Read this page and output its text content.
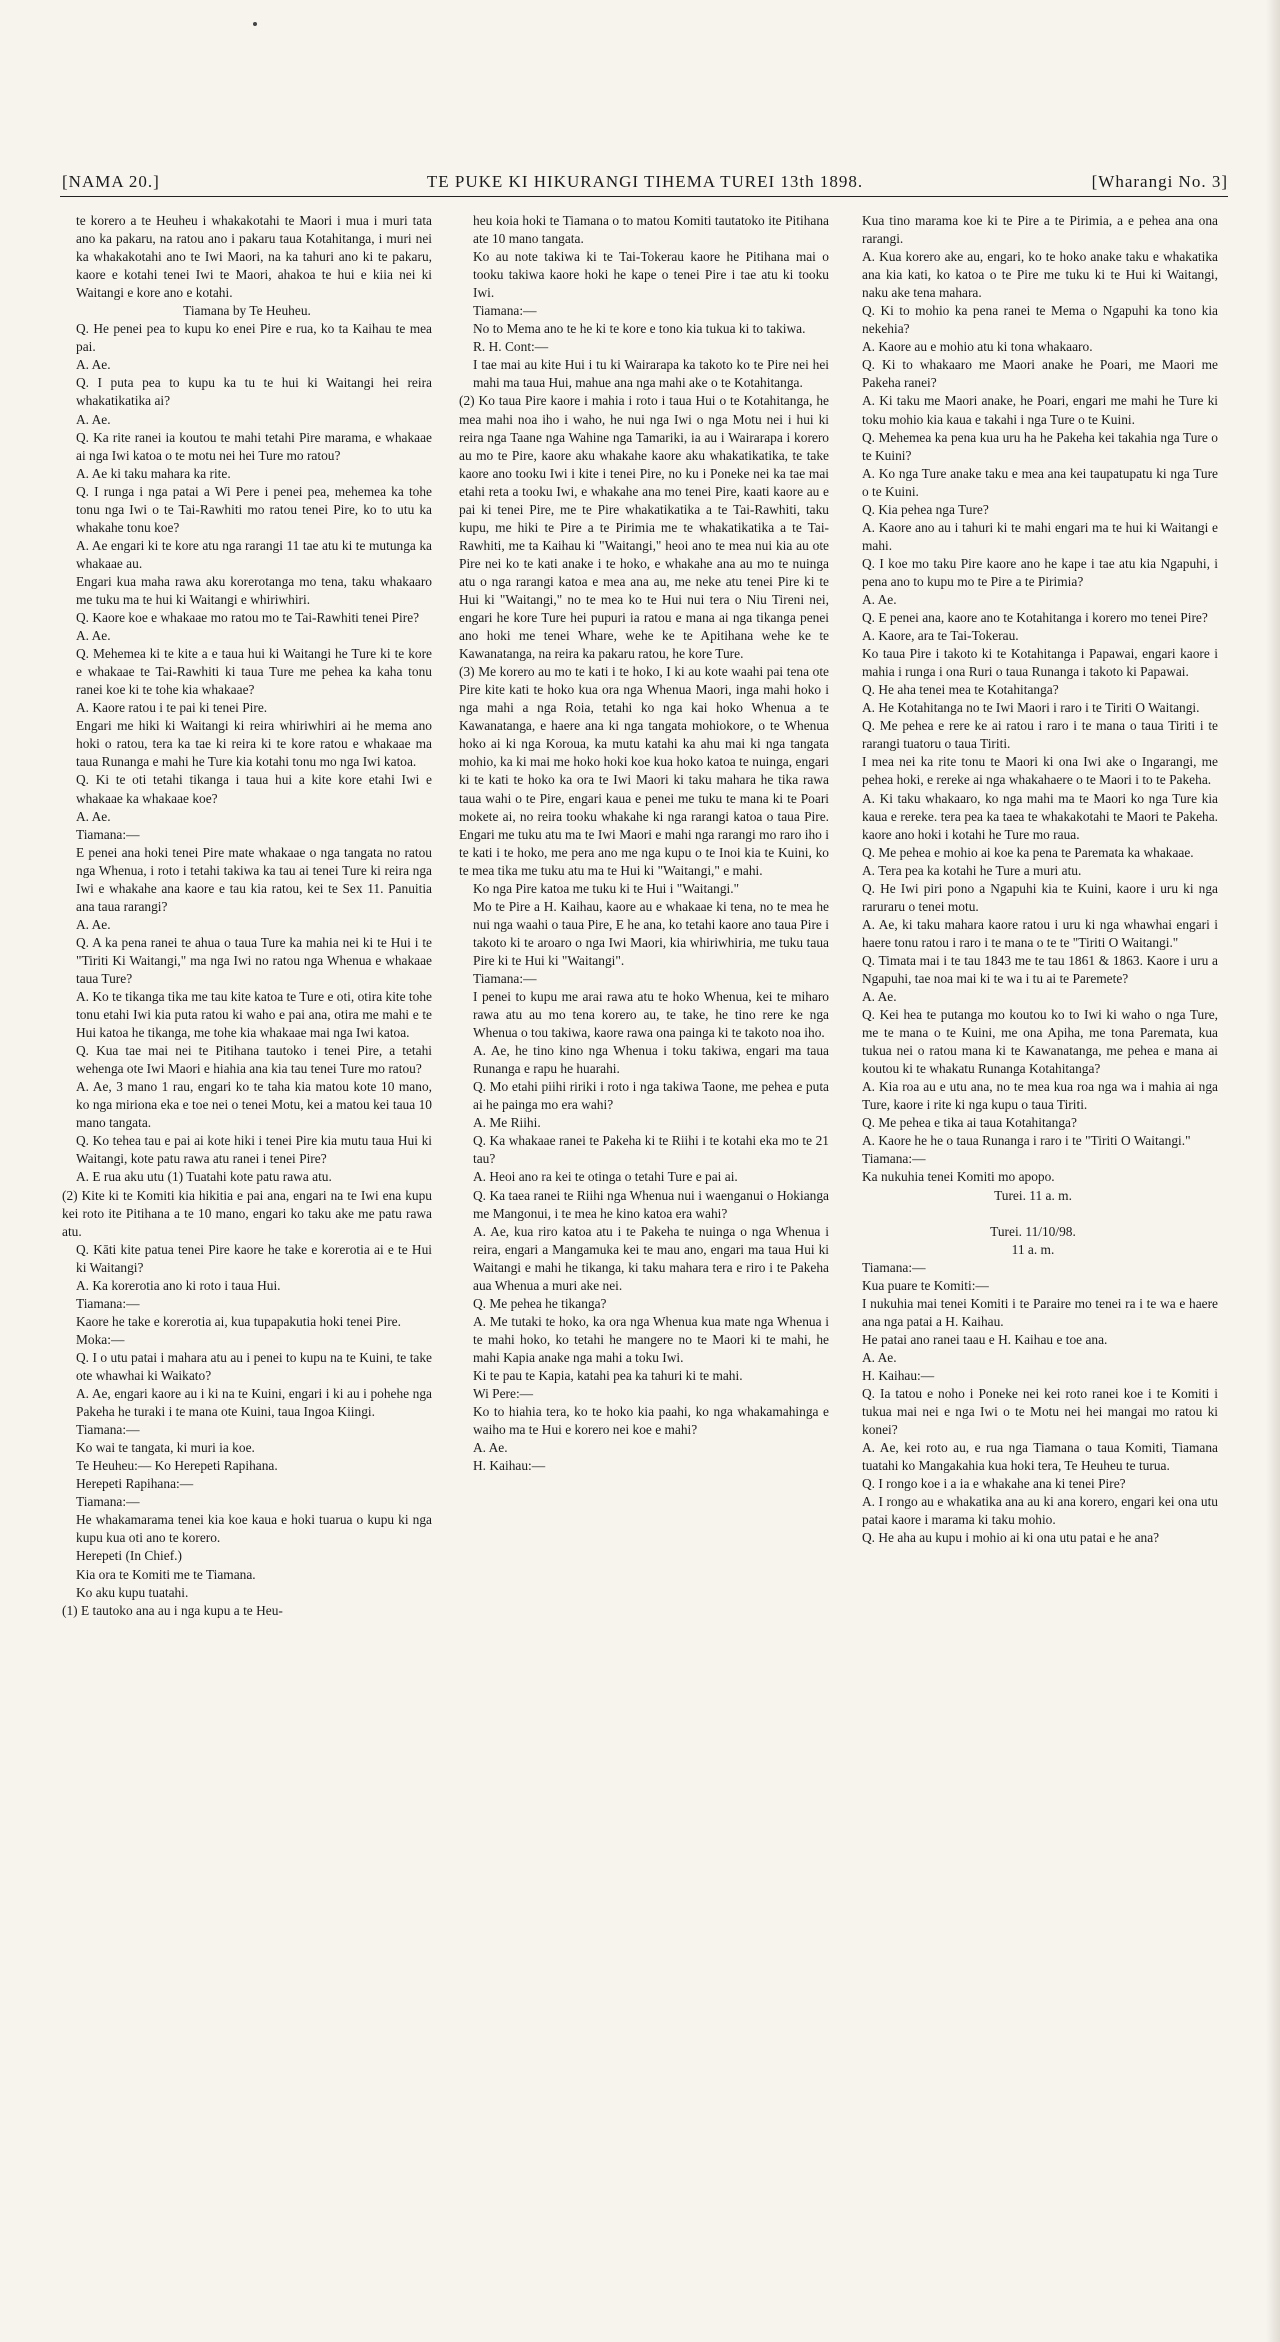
[NAMA 20.]	TE PUKE KI HIKURANGI TIHEMA TUREI 13th 1898.	[Wharangi No. 3]

te korero a te Heuheu i whakakotahi te Maori i mua i muri tata ano ka pakaru, na ratou ano i pakaru taua Kotahitanga, i muri nei ka whakakotahi ano te Iwi Maori, na ka tahuri ano ki te pakaru, kaore e kotahi tenei Iwi te Maori, ahakoa te hui e kiia nei ki Waitangi e kore ano e kotahi.

Tiamana by Te Heuheu.

Q. He penei pea to kupu ko enei Pire e rua, ko ta Kaihau te mea pai.

A. Ae.

Q. I puta pea to kupu ka tu te hui ki Waitangi hei reira whakatikatika ai?

A. Ae.

Q. Ka rite ranei ia koutou te mahi tetahi Pire marama, e whakaae ai nga Iwi katoa o te motu nei hei Ture mo ratou?

A. Ae ki taku mahara ka rite.

Q. I runga i nga patai a Wi Pere i penei pea, mehemea ka tohe tonu nga Iwi o te Tai-Rawhiti mo ratou tenei Pire, ko to utu ka whakahe tonu koe?

A. Ae engari ki te kore atu nga rarangi 11 tae atu ki te mutunga ka whakaae au.

Engari kua maha rawa aku korerotanga mo tena, taku whakaaro me tuku ma te hui ki Waitangi e whiriwhiri.

Q. Kaore koe e whakaae mo ratou mo te Tai-Rawhiti tenei Pire?

A. Ae.

Q. Mehemea ki te kite a e taua hui ki Waitangi he Ture ki te kore e whakaae te Tai-Rawhiti ki taua Ture me pehea ka kaha tonu ranei koe ki te tohe kia whakaae?

A. Kaore ratou i te pai ki tenei Pire.

Engari me hiki ki Waitangi ki reira whiriwhiri ai he mema ano hoki o ratou, tera ka tae ki reira ki te kore ratou e whakaae ma taua Runanga e mahi he Ture kia kotahi tonu mo nga Iwi katoa.

Q. Ki te oti tetahi tikanga i taua hui a kite kore etahi Iwi e whakaae ka whakaae koe?

A. Ae.

Tiamana:—

E penei ana hoki tenei Pire mate whakaae o nga tangata no ratou nga Whenua, i roto i tetahi takiwa ka tau ai tenei Ture ki reira nga Iwi e whakahe ana kaore e tau kia ratou, kei te Sex 11. Panuitia ana taua rarangi?

A. Ae.

Q. A ka pena ranei te ahua o taua Ture ka mahia nei ki te Hui i te "Tiriti Ki Waitangi," ma nga Iwi no ratou nga Whenua e whakaae taua Ture?

A. Ko te tikanga tika me tau kite katoa te Ture e oti, otira kite tohe tonu etahi Iwi kia puta ratou ki waho e pai ana, otira me mahi e te Hui katoa he tikanga, me tohe kia whakaae mai nga Iwi katoa.

Q. Kua tae mai nei te Pitihana tautoko i tenei Pire, a tetahi wehenga ote Iwi Maori e hiahia ana kia tau tenei Ture mo ratou?

A. Ae, 3 mano 1 rau, engari ko te taha kia matou kote 10 mano, ko nga miriona eka e toe nei o tenei Motu, kei a matou kei taua 10 mano tangata.

Q. Ko tehea tau e pai ai kote hiki i tenei Pire kia mutu taua Hui ki Waitangi, kote patu rawa atu ranei i tenei Pire?

A. E rua aku utu (1) Tuatahi kote patu rawa atu.

(2) Kite ki te Komiti kia hikitia e pai ana, engari na te Iwi ena kupu kei roto ite Pitihana a te 10 mano, engari ko taku ake me patu rawa atu.

Q. Kāti kite patua tenei Pire kaore he take e korerotia ai e te Hui ki Waitangi?

A. Ka korerotia ano ki roto i taua Hui.

Tiamana:—

Kaore he take e korerotia ai, kua tupapakutia hoki tenei Pire.

Moka:—

Q. I o utu patai i mahara atu au i penei to kupu na te Kuini, te take ote whawhai ki Waikato?

A. Ae, engari kaore au i ki na te Kuini, engari i ki au i pohehe nga Pakeha he turaki i te mana ote Kuini, taua Ingoa Kiingi.

Tiamana:—

Ko wai te tangata, ki muri ia koe.

Te Heuheu:— Ko Herepeti Rapihana.

Herepeti Rapihana:—

Tiamana:—

He whakamarama tenei kia koe kaua e hoki tuarua o kupu ki nga kupu kua oti ano te korero.

Herepeti (In Chief.)

Kia ora te Komiti me te Tiamana.

Ko aku kupu tuatahi.

(1) E tautoko ana au i nga kupu a te Heu-

heu koia hoki te Tiamana o to matou Komiti tautatoko ite Pitihana ate 10 mano tangata.

Ko au note takiwa ki te Tai-Tokerau kaore he Pitihana mai o tooku takiwa kaore hoki he kape o tenei Pire i tae atu ki tooku Iwi.

Tiamana:—

No to Mema ano te he ki te kore e tono kia tukua ki to takiwa.

R. H. Cont:—

I tae mai au kite Hui i tu ki Wairarapa ka takoto ko te Pire nei hei mahi ma taua Hui, mahue ana nga mahi ake o te Kotahitanga.

(2) Ko taua Pire kaore i mahia i roto i taua Hui o te Kotahitanga, he mea mahi noa iho i waho, he nui nga Iwi o nga Motu nei i hui ki reira nga Taane nga Wahine nga Tamariki, ia au i Wairarapa i korero au mo te Pire, kaore aku whakahe kaore aku whakatikatika, te take kaore ano tooku Iwi i kite i tenei Pire, no ku i Poneke nei ka tae mai etahi reta a tooku Iwi, e whakahe ana mo tenei Pire, kaati kaore au e pai ki tenei Pire, me te Pire whakatikatika a te Tai-Rawhiti, taku kupu, me hiki te Pire a te Pirimia me te whakatikatika a te Tai-Rawhiti, me ta Kaihau ki "Waitangi," heoi ano te mea nui kia au ote Pire nei ko te kati anake i te hoko, e whakahe ana au mo te nuinga atu o nga rarangi katoa e mea ana au, me neke atu tenei Pire ki te Hui ki "Waitangi," no te mea ko te Hui nui tera o Niu Tireni nei, engari he kore Ture hei pupuri ia ratou e mana ai nga tikanga penei ano hoki me tenei Whare, wehe ke te Apitihana wehe ke te Kawanatanga, na reira ka pakaru ratou, he kore Ture.

(3) Me korero au mo te kati i te hoko, I ki au kote waahi pai tena ote Pire kite kati te hoko kua ora nga Whenua Maori, inga mahi hoko i nga mahi a nga Roia, tetahi ko nga kai hoko Whenua a te Kawanatanga, e haere ana ki nga tangata mohiokore, o te Whenua hoko ai ki nga Koroua, ka mutu katahi ka ahu mai ki nga tangata mohio, ka ki mai me hoko hoki koe kua hoko katoa te nuinga, engari ki te kati te hoko ka ora te Iwi Maori ki taku mahara he tika rawa taua wahi o te Pire, engari kaua e penei me tuku te mana ki te Poari mokete ai, no reira tooku whakahe ki nga rarangi katoa o taua Pire. Engari me tuku atu ma te Iwi Maori e mahi nga rarangi mo raro iho i te kati i te hoko, me pera ano me nga kupu o te Inoi kia te Kuini, ko te mea tika me tuku atu ma te Hui ki "Waitangi," e mahi.

Ko nga Pire katoa me tuku ki te Hui i "Waitangi."

Mo te Pire a H. Kaihau, kaore au e whakaae ki tena, no te mea he nui nga waahi o taua Pire, E he ana, ko tetahi kaore ano taua Pire i takoto ki te aroaro o nga Iwi Maori, kia whiriwhiria, me tuku taua Pire ki te Hui ki "Waitangi".

Tiamana:—

I penei to kupu me arai rawa atu te hoko Whenua, kei te miharo rawa atu au mo tena korero au, te take, he tino rere ke nga Whenua o tou takiwa, kaore rawa ona painga ki te takoto noa iho.

A. Ae, he tino kino nga Whenua i toku takiwa, engari ma taua Runanga e rapu he huarahi.

Q. Mo etahi piihi ririki i roto i nga takiwa Taone, me pehea e puta ai he painga mo era wahi?

A. Me Riihi.

Q. Ka whakaae ranei te Pakeha ki te Riihi i te kotahi eka mo te 21 tau?

A. Heoi ano ra kei te otinga o tetahi Ture e pai ai.

Q. Ka taea ranei te Riihi nga Whenua nui i waenganui o Hokianga me Mangonui, i te mea he kino katoa era wahi?

A. Ae, kua riro katoa atu i te Pakeha te nuinga o nga Whenua i reira, engari a Mangamuka kei te mau ano, engari ma taua Hui ki Waitangi e mahi he tikanga, ki taku mahara tera e riro i te Pakeha aua Whenua a muri ake nei.

Q. Me pehea he tikanga?

A. Me tutaki te hoko, ka ora nga Whenua kua mate nga Whenua i te mahi hoko, ko tetahi he mangere no te Maori ki te mahi, he mahi Kapia anake nga mahi a toku Iwi.

Ki te pau te Kapia, katahi pea ka tahuri ki te mahi.

Wi Pere:—

Ko to hiahia tera, ko te hoko kia paahi, ko nga whakamahinga e waiho ma te Hui e korero nei koe e mahi?

A. Ae.

H. Kaihau:—

Kua tino marama koe ki te Pire a te Pirimia, a e pehea ana ona rarangi.

A. Kua korero ake au, engari, ko te hoko anake taku e whakatika ana kia kati, ko katoa o te Pire me tuku ki te Hui ki Waitangi, naku ake tena mahara.

Q. Ki to mohio ka pena ranei te Mema o Ngapuhi ka tono kia nekehia?

A. Kaore au e mohio atu ki tona whakaaro.

Q. Ki to whakaaro me Maori anake he Poari, me Maori me Pakeha ranei?

A. Ki taku me Maori anake, he Poari, engari me mahi he Ture ki toku mohio kia kaua e takahi i nga Ture o te Kuini.

Q. Mehemea ka pena kua uru ha he Pakeha kei takahia nga Ture o te Kuini?

A. Ko nga Ture anake taku e mea ana kei taupatupatu ki nga Ture o te Kuini.

Q. Kia pehea nga Ture?

A. Kaore ano au i tahuri ki te mahi engari ma te hui ki Waitangi e mahi.

Q. I koe mo taku Pire kaore ano he kape i tae atu kia Ngapuhi, i pena ano to kupu mo te Pire a te Pirimia?

A. Ae.

Q. E penei ana, kaore ano te Kotahitanga i korero mo tenei Pire?

A. Kaore, ara te Tai-Tokerau.

Ko taua Pire i takoto ki te Kotahitanga i Papawai, engari kaore i mahia i runga i ona Ruri o taua Runanga i takoto ki Papawai.

Q. He aha tenei mea te Kotahitanga?

A. He Kotahitanga no te Iwi Maori i raro i te Tiriti O Waitangi.

Q. Me pehea e rere ke ai ratou i raro i te mana o taua Tiriti i te rarangi tuatoru o taua Tiriti.

I mea nei ka rite tonu te Maori ki ona Iwi ake o Ingarangi, me pehea hoki, e rereke ai nga whakahaere o te Maori i to te Pakeha.

A. Ki taku whakaaro, ko nga mahi ma te Maori ko nga Ture kia kaua e rereke. tera pea ka taea te whakakotahi te Maori te Pakeha. kaore ano hoki i kotahi he Ture mo raua.

Q. Me pehea e mohio ai koe ka pena te Paremata ka whakaae.

A. Tera pea ka kotahi he Ture a muri atu.

Q. He Iwi piri pono a Ngapuhi kia te Kuini, kaore i uru ki nga raruraru o tenei motu.

A. Ae, ki taku mahara kaore ratou i uru ki nga whawhai engari i haere tonu ratou i raro i te mana o te te "Tiriti O Waitangi."

Q. Timata mai i te tau 1843 me te tau 1861 & 1863. Kaore i uru a Ngapuhi, tae noa mai ki te wa i tu ai te Paremete?

A. Ae.

Q. Kei hea te putanga mo koutou ko to Iwi ki waho o nga Ture, me te mana o te Kuini, me ona Apiha, me tona Paremata, kua tukua nei o ratou mana ki te Kawanatanga, me pehea e mana ai koutou ki te whakatu Runanga Kotahitanga?

A. Kia roa au e utu ana, no te mea kua roa nga wa i mahia ai nga Ture, kaore i rite ki nga kupu o taua Tiriti.

Q. Me pehea e tika ai taua Kotahitanga?

A. Kaore he he o taua Runanga i raro i te "Tiriti O Waitangi."

Tiamana:—

Ka nukuhia tenei Komiti mo apopo.

Turei. 11 a. m.

Turei. 11/10/98.

11 a. m.

Tiamana:—

Kua puare te Komiti:—

I nukuhia mai tenei Komiti i te Paraire mo tenei ra i te wa e haere ana nga patai a H. Kaihau.

He patai ano ranei taau e H. Kaihau e toe ana.

A. Ae.

H. Kaihau:—

Q. Ia tatou e noho i Poneke nei kei roto ranei koe i te Komiti i tukua mai nei e nga Iwi o te Motu nei hei mangai mo ratou ki konei?

A. Ae, kei roto au, e rua nga Tiamana o taua Komiti, Tiamana tuatahi ko Mangakahia kua hoki tera, Te Heuheu te turua.

Q. I rongo koe i a ia e whakahe ana ki tenei Pire?

A. I rongo au e whakatika ana au ki ana korero, engari kei ona utu patai kaore i marama ki taku mohio.

Q. He aha au kupu i mohio ai ki ona utu patai e he ana?
